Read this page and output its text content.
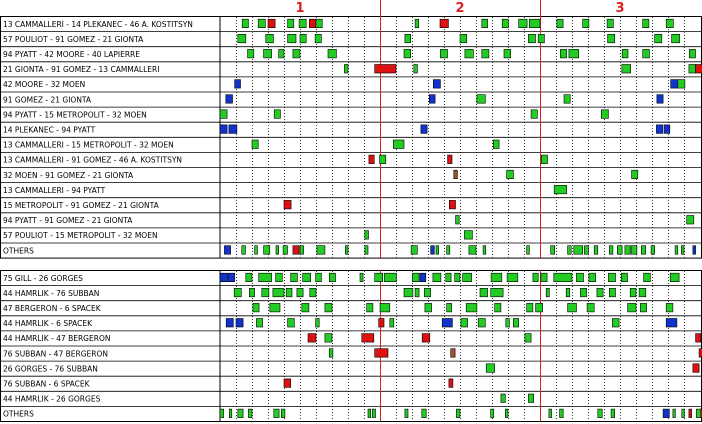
1	2	3
13 CAMMALLERI - 14 PLEKANEC - 46 A. KOSTITSYN
57 POULIOT - 91 GOMEZ - 21 GIONTA
94 PYATT - 42 MOORE - 40 LAPIERRE
21 GIONTA - 91 GOMEZ - 13 CAMMALLERI
42 MOORE - 32 MOEN
91 GOMEZ - 21 GIONTA
94 PYATT - 15 METROPOLIT - 32 MOEN
14 PLEKANEC - 94 PYATT
13 CAMMALLERI - 15 METROPOLIT - 32 MOEN
13 CAMMALLERI - 91 GOMEZ - 46 A. KOSTITSYN
32 MOEN - 91 GOMEZ - 21 GIONTA
13 CAMMALLERI - 94 PYATT
15 METROPOLIT - 91 GOMEZ - 21 GIONTA
94 PYATT - 91 GOMEZ - 21 GIONTA
57 POULIOT - 15 METROPOLIT - 32 MOEN
OTHERS
75 GILL - 26 GORGES
44 HAMRLIK - 76 SUBBAN
47 BERGERON - 6 SPACEK
44 HAMRLIK - 6 SPACEK
44 HAMRLIK - 47 BERGERON
76 SUBBAN - 47 BERGERON
26 GORGES - 76 SUBBAN
76 SUBBAN - 6 SPACEK
44 HAMRLIK - 26 GORGES
OTHERS
